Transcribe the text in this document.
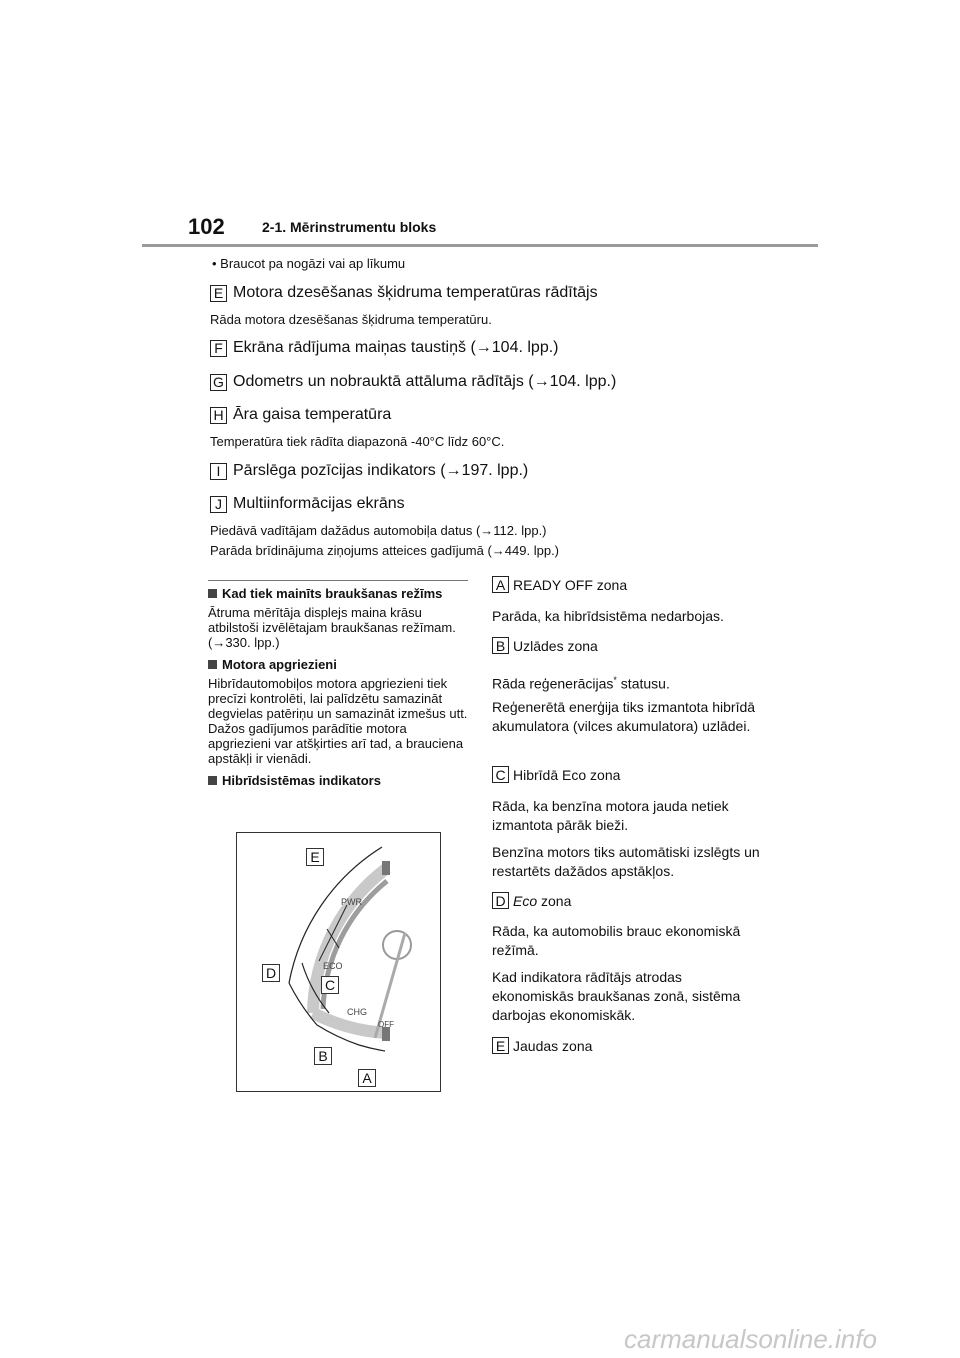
102	2-1. Mērinstrumentu bloks
• Braucot pa nogāzi vai ap līkumu
E Motora dzesēšanas šķidruma temperatūras rādītājs
Rāda motora dzesēšanas šķidruma temperatūru.
F Ekrāna rādījuma maiņas taustiņš (→104. lpp.)
G Odometrs un nobrauktā attāluma rādītājs (→104. lpp.)
H Āra gaisa temperatūra
Temperatūra tiek rādīta diapazonā -40°C līdz 60°C.
I Pārslēga pozīcijas indikators (→197. lpp.)
J Multiinformācijas ekrāns
Piedāvā vadītājam dažādus automobiļa datus (→112. lpp.)
Parāda brīdinājuma ziņojums atteices gadījumā (→449. lpp.)
Kad tiek mainīts braukšanas režīms
Ātruma mērītāja displejs maina krāsu atbilstoši izvēlētajam braukšanas režīmam.(→330. lpp.)
Motora apgriezieni
Hibrīdautomobiļos motora apgriezieni tiek precīzi kontrolēti, lai palīdzētu samazināt degvielas patēriņu un samazināt izmešus utt.
Dažos gadījumos parādītie motora apgriezieni var atšķirties arī tad, a brauciena apstākļi ir vienādi.
Hibrīdsistēmas indikators
E
D
C
B
A
PWR
ECO
CHG
OFF
A READY OFF zona
Parāda, ka hibrīdsistēma nedarbojas.
B Uzlādes zona
Rāda reģenerācijas* statusu.
Reģenerētā enerģija tiks izmantota hibrīdā akumulatora (vilces akumulatora) uzlādei.
C Hibrīdā Eco zona
Rāda, ka benzīna motora jauda netiek izmantota pārāk bieži.
Benzīna motors tiks automātiski izslēgts un restartēts dažādos apstākļos.
D Eco zona
Rāda, ka automobilis brauc ekonomiskā režīmā.
Kad indikatora rādītājs atrodas ekonomiskās braukšanas zonā, sistēma darbojas ekonomiskāk.
E Jaudas zona
carmanualsonline.info
